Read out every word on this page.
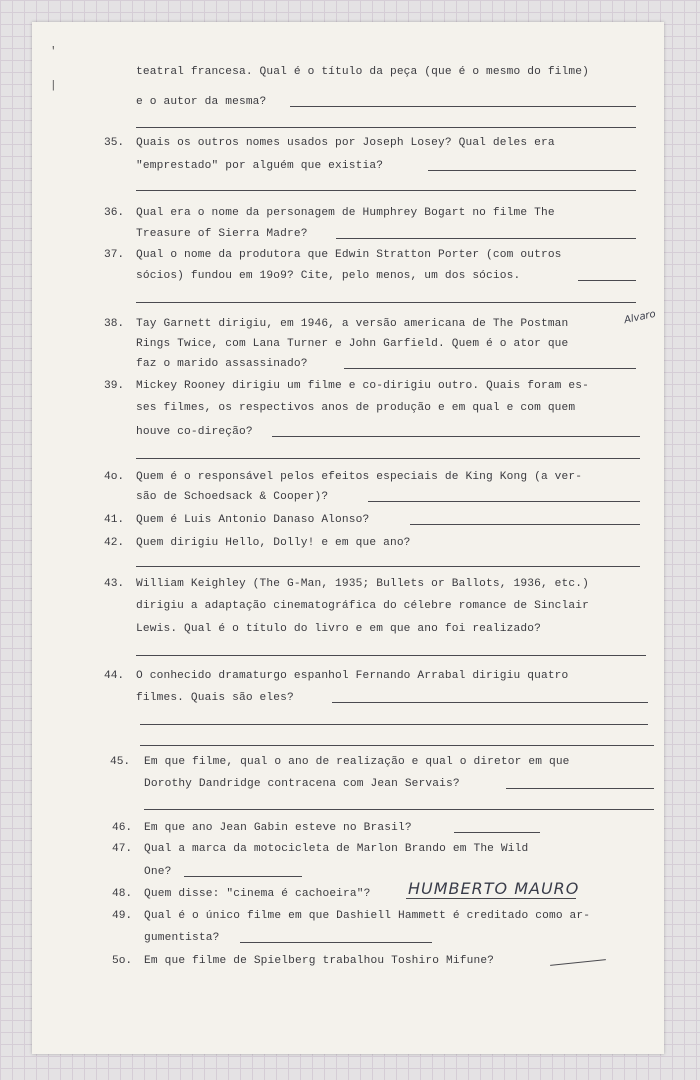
'
|
teatral francesa. Qual é o título da peça (que é o mesmo do filme)
e o autor da mesma?
35. Quais os outros nomes usados por Joseph Losey? Qual deles era
"emprestado" por alguém que existia?
36. Qual era o nome da personagem de Humphrey Bogart no filme The
Treasure of Sierra Madre?
37. Qual o nome da produtora que Edwin Stratton Porter (com outros
sócios) fundou em 19o9? Cite, pelo menos, um dos sócios.
38. Tay Garnett dirigiu, em 1946, a versão americana de The Postman	Alvaro
Rings Twice, com Lana Turner e John Garfield. Quem é o ator que
faz o marido assassinado?
39. Mickey Rooney dirigiu um filme e co-dirigiu outro. Quais foram es-
ses filmes, os respectivos anos de produção e em qual e com quem
houve co-direção?
4o. Quem é o responsável pelos efeitos especiais de King Kong (a ver-
são de Schoedsack & Cooper)?
41. Quem é Luis Antonio Danaso Alonso?
42. Quem dirigiu Hello, Dolly! e em que ano?
43. William Keighley (The G-Man, 1935; Bullets or Ballots, 1936, etc.)
dirigiu a adaptação cinematográfica do célebre romance de Sinclair
Lewis. Qual é o título do livro e em que ano foi realizado?
44. O conhecido dramaturgo espanhol Fernando Arrabal dirigiu quatro
filmes. Quais são eles?
45. Em que filme, qual o ano de realização e qual o diretor em que
Dorothy Dandridge contracena com Jean Servais?
46. Em que ano Jean Gabin esteve no Brasil?
47. Qual a marca da motocicleta de Marlon Brando em The Wild
One?
48. Quem disse: "cinema é cachoeira"? HUMBERTO MAURO
49. Qual é o único filme em que Dashiell Hammett é creditado como ar-
gumentista?
5o. Em que filme de Spielberg trabalhou Toshiro Mifune?
